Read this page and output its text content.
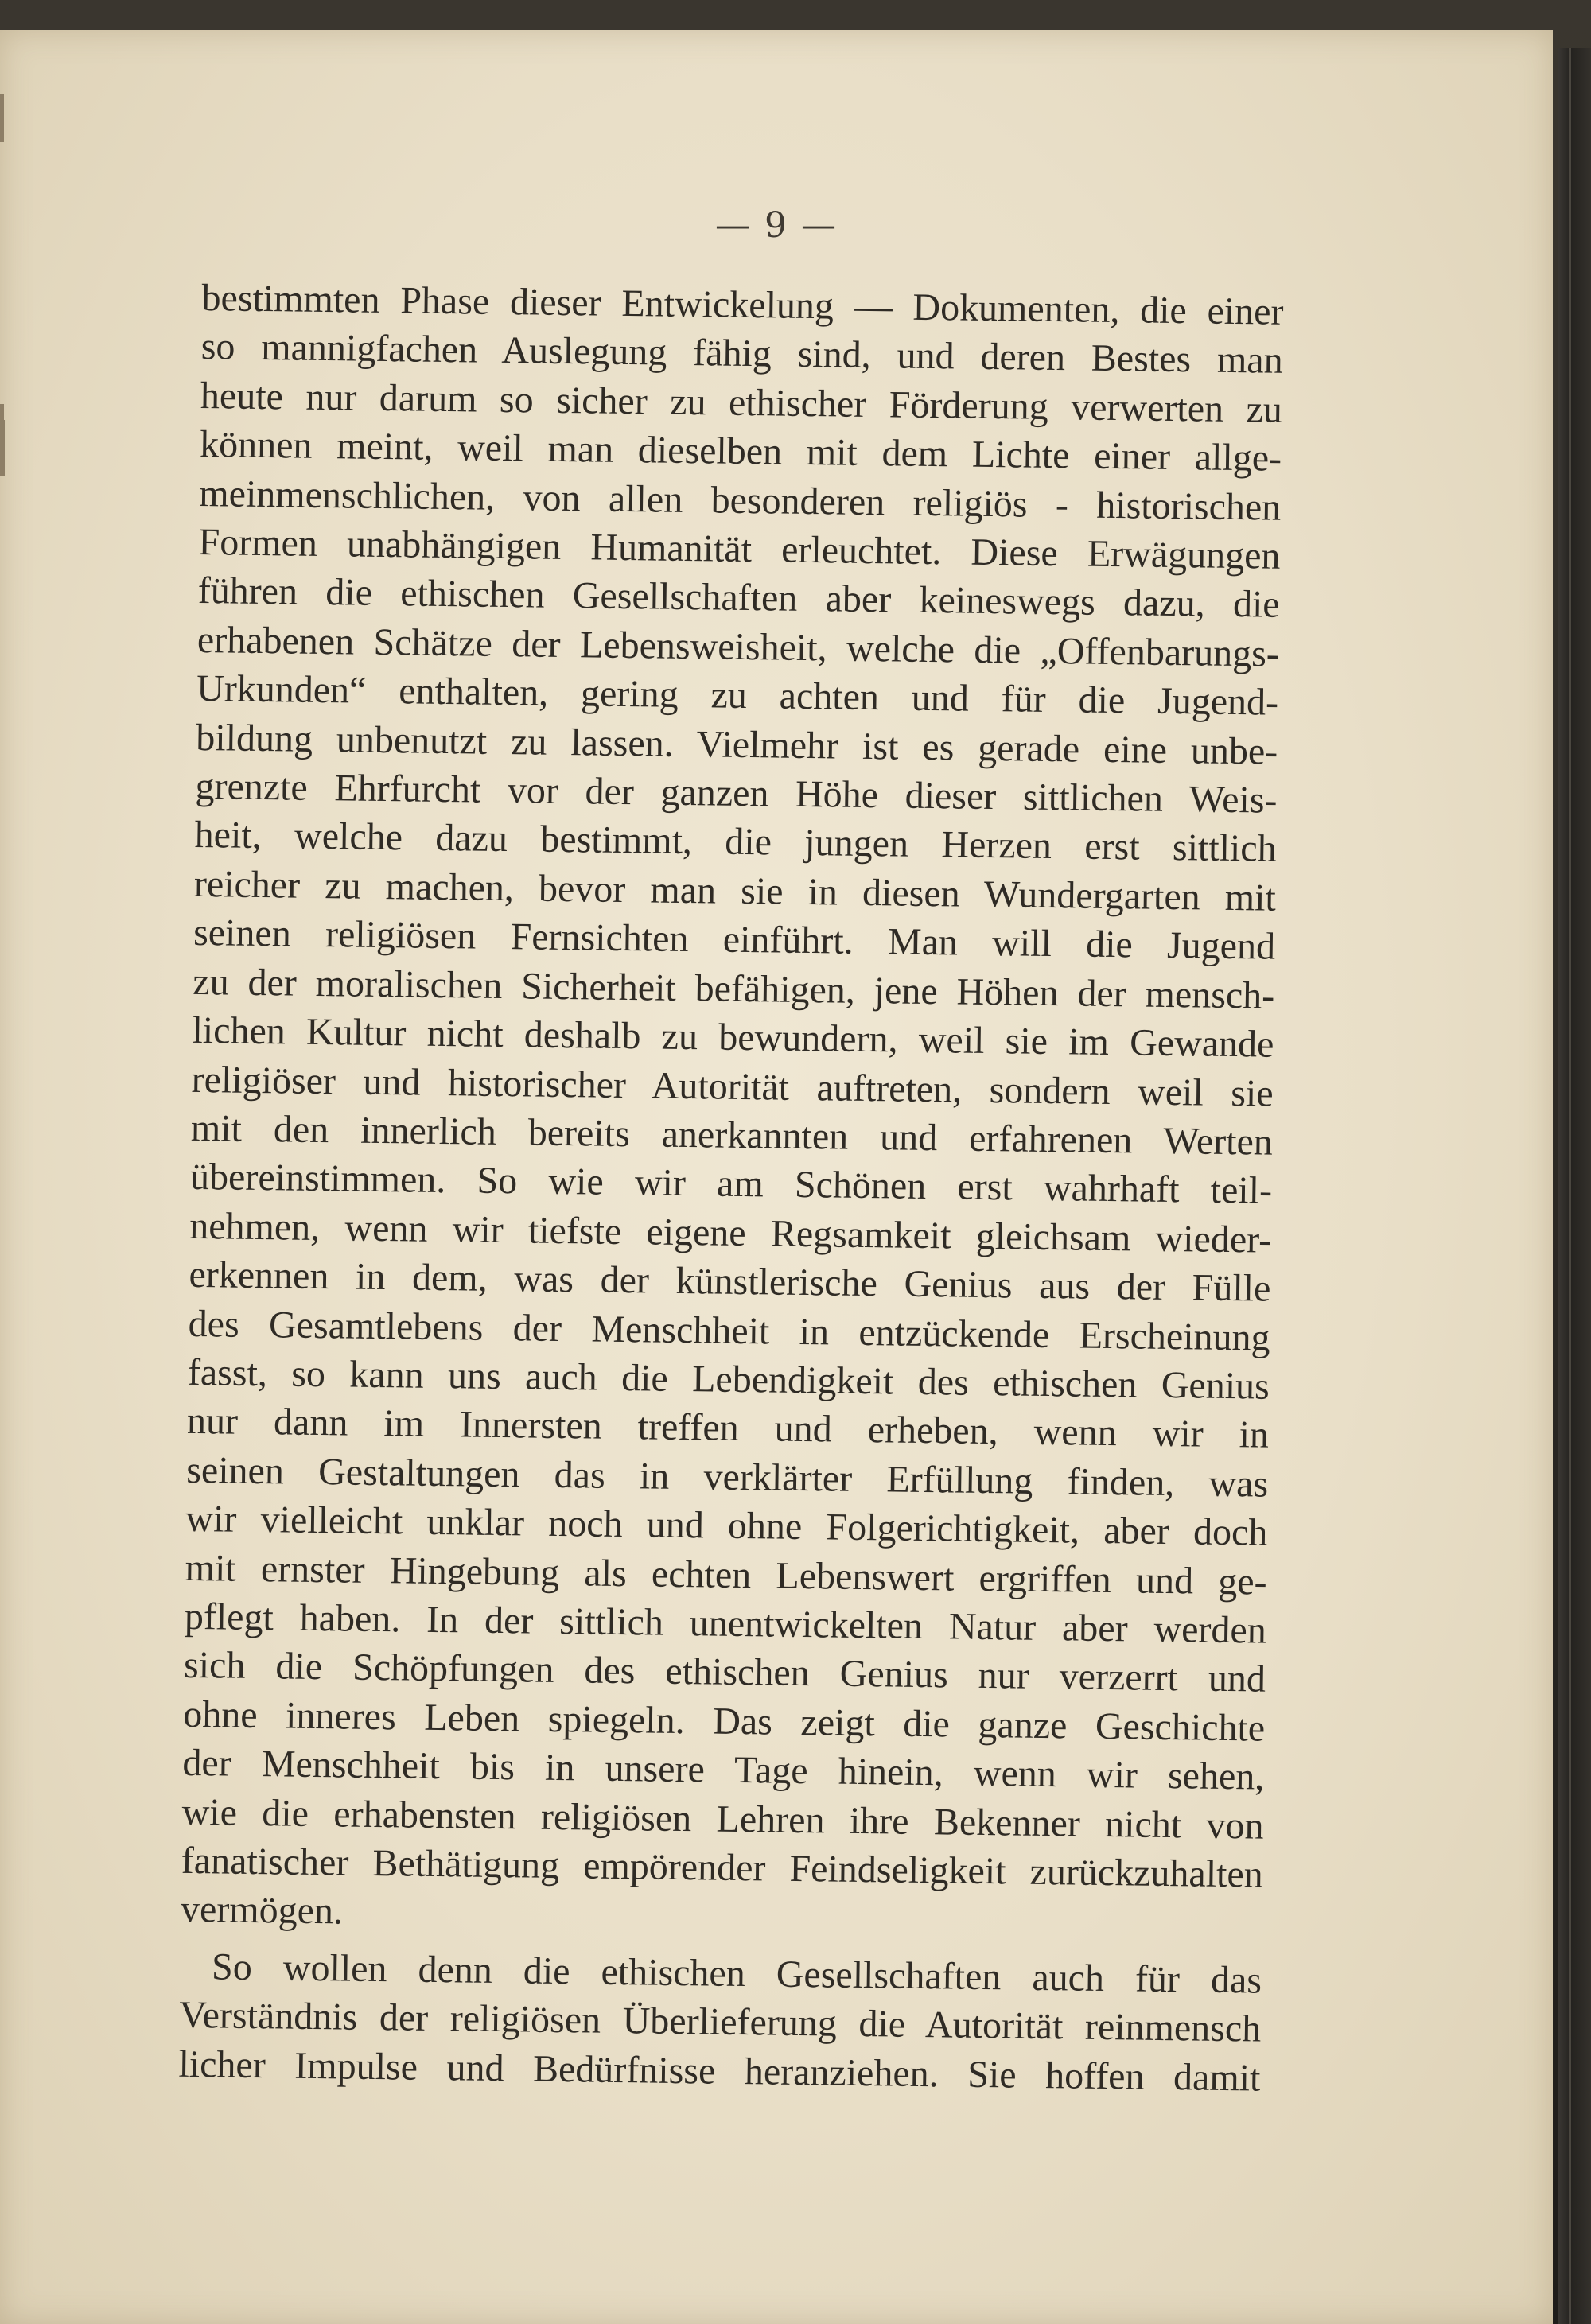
— 9 —
bestimmten Phase dieser Entwickelung — Dokumenten, die einer
so mannigfachen Auslegung fähig sind, und deren Bestes man
heute nur darum so sicher zu ethischer Förderung verwerten zu
können meint, weil man dieselben mit dem Lichte einer allge-
meinmenschlichen, von allen besonderen religiös - historischen
Formen unabhängigen Humanität erleuchtet. Diese Erwägungen
führen die ethischen Gesellschaften aber keineswegs dazu, die
erhabenen Schätze der Lebensweisheit, welche die „Offenbarungs-
Urkunden“ enthalten, gering zu achten und für die Jugend-
bildung unbenutzt zu lassen. Vielmehr ist es gerade eine unbe-
grenzte Ehrfurcht vor der ganzen Höhe dieser sittlichen Weis-
heit, welche dazu bestimmt, die jungen Herzen erst sittlich
reicher zu machen, bevor man sie in diesen Wundergarten mit
seinen religiösen Fernsichten einführt. Man will die Jugend
zu der moralischen Sicherheit befähigen, jene Höhen der mensch-
lichen Kultur nicht deshalb zu bewundern, weil sie im Gewande
religiöser und historischer Autorität auftreten, sondern weil sie
mit den innerlich bereits anerkannten und erfahrenen Werten
übereinstimmen. So wie wir am Schönen erst wahrhaft teil-
nehmen, wenn wir tiefste eigene Regsamkeit gleichsam wieder-
erkennen in dem, was der künstlerische Genius aus der Fülle
des Gesamtlebens der Menschheit in entzückende Erscheinung
fasst, so kann uns auch die Lebendigkeit des ethischen Genius
nur dann im Innersten treffen und erheben, wenn wir in
seinen Gestaltungen das in verklärter Erfüllung finden, was
wir vielleicht unklar noch und ohne Folgerichtigkeit, aber doch
mit ernster Hingebung als echten Lebenswert ergriffen und ge-
pflegt haben. In der sittlich unentwickelten Natur aber werden
sich die Schöpfungen des ethischen Genius nur verzerrt und
ohne inneres Leben spiegeln. Das zeigt die ganze Geschichte
der Menschheit bis in unsere Tage hinein, wenn wir sehen,
wie die erhabensten religiösen Lehren ihre Bekenner nicht von
fanatischer Bethätigung empörender Feindseligkeit zurückzuhalten
vermögen.
So wollen denn die ethischen Gesellschaften auch für das
Verständnis der religiösen Überlieferung die Autorität reinmensch
licher Impulse und Bedürfnisse heranziehen. Sie hoffen damit
